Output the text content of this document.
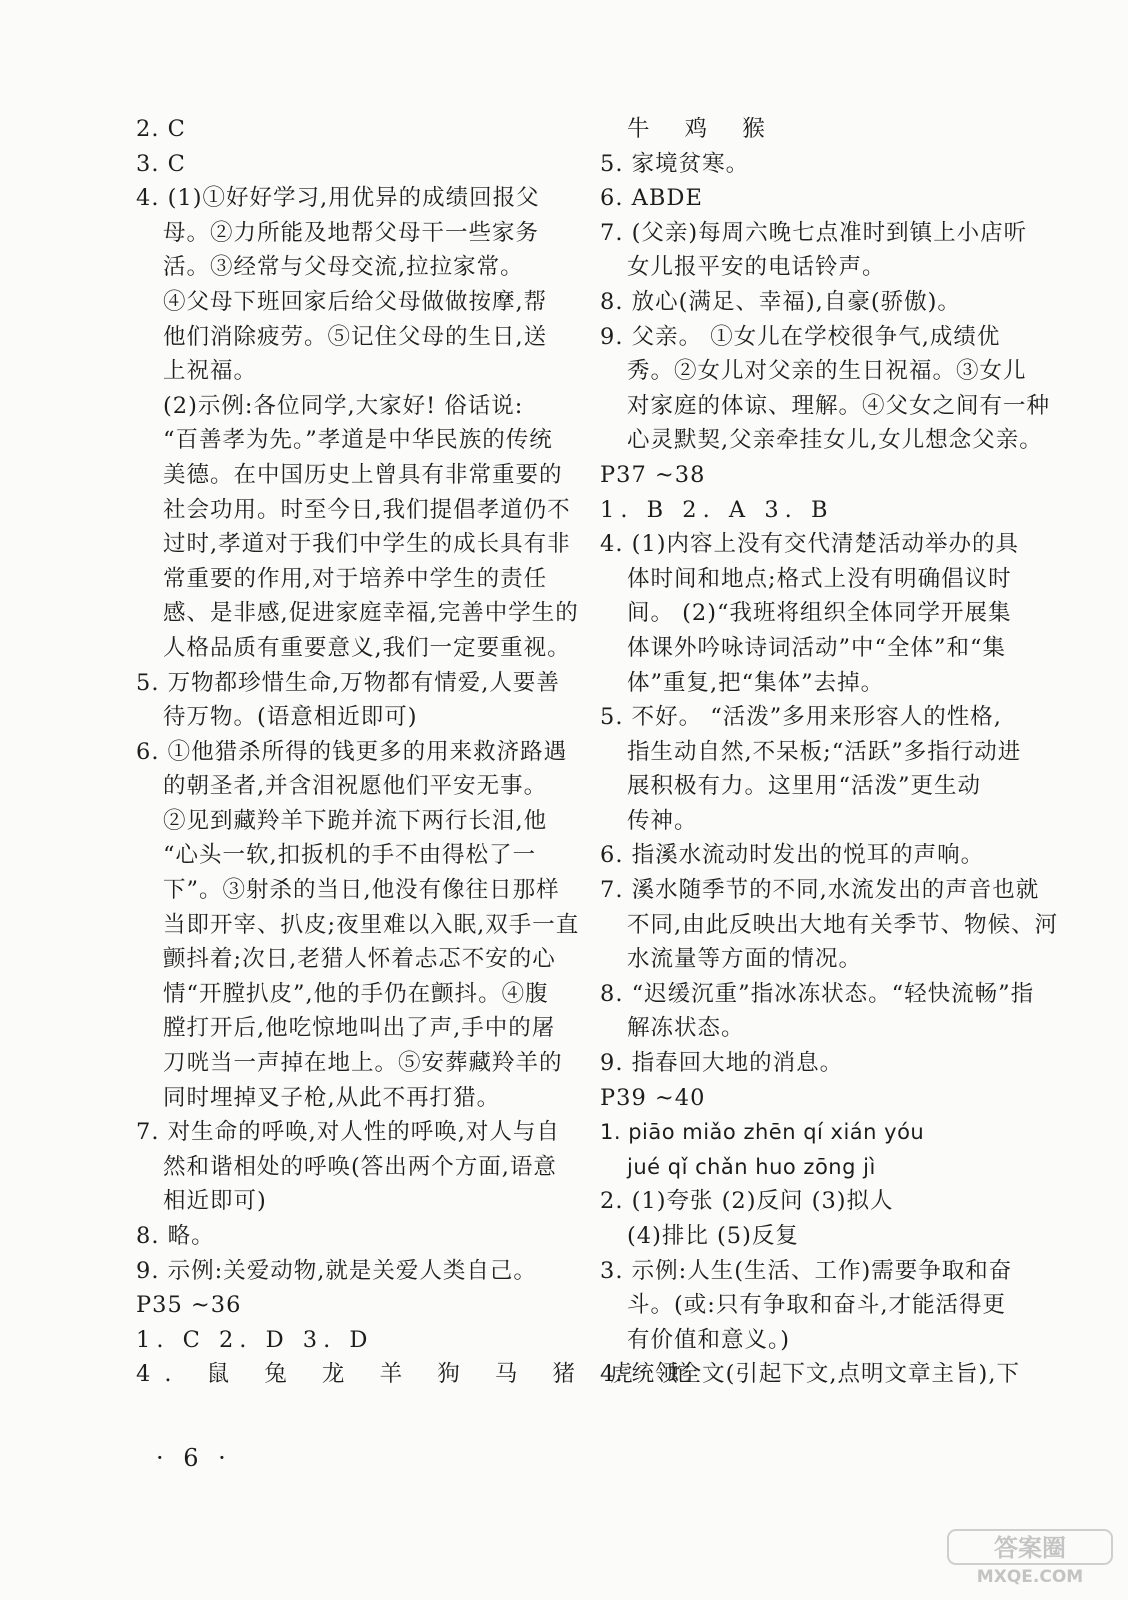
2. C
3. C
4. (1)①好好学习,用优异的成绩回报父
母。②力所能及地帮父母干一些家务
活。③经常与父母交流,拉拉家常。
④父母下班回家后给父母做做按摩,帮
他们消除疲劳。⑤记住父母的生日,送
上祝福。
(2)示例:各位同学,大家好! 俗话说:
“百善孝为先。”孝道是中华民族的传统
美德。在中国历史上曾具有非常重要的
社会功用。时至今日,我们提倡孝道仍不
过时,孝道对于我们中学生的成长具有非
常重要的作用,对于培养中学生的责任
感、是非感,促进家庭幸福,完善中学生的
人格品质有重要意义,我们一定要重视。
5. 万物都珍惜生命,万物都有情爱,人要善
待万物。(语意相近即可)
6. ①他猎杀所得的钱更多的用来救济路遇
的朝圣者,并含泪祝愿他们平安无事。
②见到藏羚羊下跪并流下两行长泪,他
“心头一软,扣扳机的手不由得松了一
下”。③射杀的当日,他没有像往日那样
当即开宰、扒皮;夜里难以入眠,双手一直
颤抖着;次日,老猎人怀着忐忑不安的心
情“开膛扒皮”,他的手仍在颤抖。④腹
膛打开后,他吃惊地叫出了声,手中的屠
刀咣当一声掉在地上。⑤安葬藏羚羊的
同时埋掉叉子枪,从此不再打猎。
7. 对生命的呼唤,对人性的呼唤,对人与自
然和谐相处的呼唤(答出两个方面,语意
相近即可)
8. 略。
9. 示例:关爱动物,就是关爱人类自己。
P35 ~36
1. C 2. D 3. D
4. 鼠 兔 龙 羊 狗 马 猪 虎 蛇
牛 鸡 猴
5. 家境贫寒。
6. ABDE
7. (父亲)每周六晚七点准时到镇上小店听
女儿报平安的电话铃声。
8. 放心(满足、幸福),自豪(骄傲)。
9. 父亲。 ①女儿在学校很争气,成绩优
秀。②女儿对父亲的生日祝福。③女儿
对家庭的体谅、理解。④父女之间有一种
心灵默契,父亲牵挂女儿,女儿想念父亲。
P37 ~38
1. B 2. A 3. B
4. (1)内容上没有交代清楚活动举办的具
体时间和地点;格式上没有明确倡议时
间。 (2)“我班将组织全体同学开展集
体课外吟咏诗词活动”中“全体”和“集
体”重复,把“集体”去掉。
5. 不好。 “活泼”多用来形容人的性格,
指生动自然,不呆板;“活跃”多指行动进
展积极有力。这里用“活泼”更生动
传神。
6. 指溪水流动时发出的悦耳的声响。
7. 溪水随季节的不同,水流发出的声音也就
不同,由此反映出大地有关季节、物候、河
水流量等方面的情况。
8. “迟缓沉重”指冰冻状态。“轻快流畅”指
解冻状态。
9. 指春回大地的消息。
P39 ~40
1. piāo miǎo zhēn qí xián yóu
jué qǐ chǎn huo zōng jì
2. (1)夸张 (2)反问 (3)拟人
(4)排比 (5)反复
3. 示例:人生(生活、工作)需要争取和奋
斗。(或:只有争取和奋斗,才能活得更
有价值和意义。)
4. 统领全文(引起下文,点明文章主旨),下
· 6 ·
答案圈
MXQE.COM
